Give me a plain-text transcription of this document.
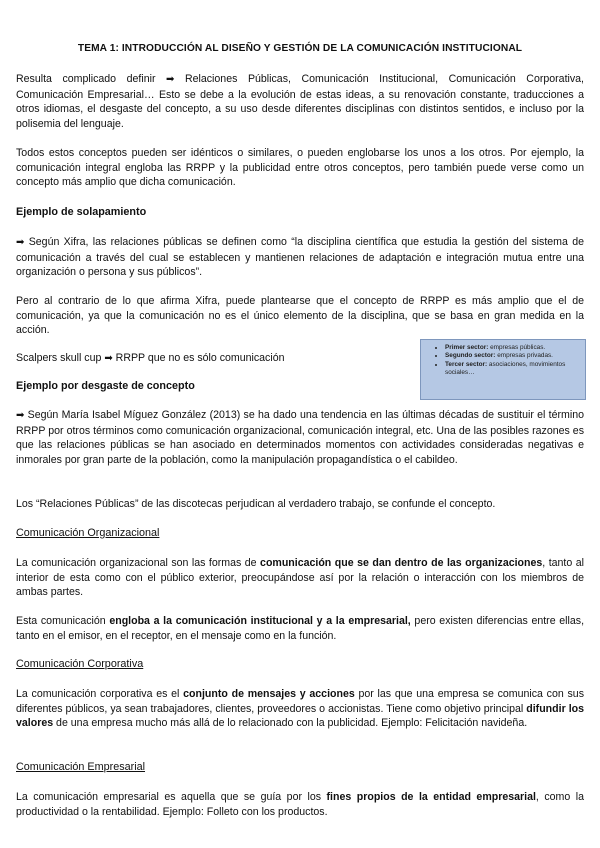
TEMA 1: INTRODUCCIÓN AL DISEÑO Y GESTIÓN DE LA COMUNICACIÓN INSTITUCIONAL

Resulta complicado definir ➡ Relaciones Públicas, Comunicación Institucional, Comunicación Corporativa, Comunicación Empresarial… Esto se debe a la evolución de estas ideas, a su renovación constante, traducciones a otros idiomas, el desgaste del concepto, a su uso desde diferentes disciplinas con distintos sentidos, e incluso por la polisemia del lenguaje.

Todos estos conceptos pueden ser idénticos o similares, o pueden englobarse los unos a los otros. Por ejemplo, la comunicación integral engloba las RRPP y la publicidad entre otros conceptos, pero también puede verse como un concepto más amplio que dicha comunicación.

Ejemplo de solapamiento

➡ Según Xifra, las relaciones públicas se definen como “la disciplina científica que estudia la gestión del sistema de comunicación a través del cual se establecen y mantienen relaciones de adaptación e integración mutua entre una organización o persona y sus públicos”.

Pero al contrario de lo que afirma Xifra, puede plantearse que el concepto de RRPP es más amplio que el de comunicación, ya que la comunicación no es el único elemento de la disciplina, que se basa en gran medida en la acción.

Scalpers skull cup ➡ RRPP que no es sólo comunicación

• Primer sector: empresas públicas.
• Segundo sector: empresas privadas.
• Tercer sector: asociaciones, movimientos sociales…
Ejemplo por desgaste de concepto

➡ Según María Isabel Míguez González (2013) se ha dado una tendencia en las últimas décadas de sustituir el término RRPP por otros términos como comunicación organizacional, comunicación integral, etc. Una de las posibles razones es que las relaciones públicas se han asociado en determinados momentos con actividades consideradas negativas e inmorales por gran parte de la población, como la manipulación propagandística o el cabildeo.

Los “Relaciones Públicas” de las discotecas perjudican al verdadero trabajo, se confunde el concepto.

Comunicación Organizacional

La comunicación organizacional son las formas de comunicación que se dan dentro de las organizaciones, tanto al interior de esta como con el público exterior, preocupándose así por la relación o interacción con los miembros de ambas partes.

Esta comunicación engloba a la comunicación institucional y a la empresarial, pero existen diferencias entre ellas, tanto en el emisor, en el receptor, en el mensaje como en la función.

Comunicación Corporativa

La comunicación corporativa es el conjunto de mensajes y acciones por las que una empresa se comunica con sus diferentes públicos, ya sean trabajadores, clientes, proveedores o accionistas. Tiene como objetivo principal difundir los valores de una empresa mucho más allá de lo relacionado con la publicidad. Ejemplo: Felicitación navideña.

Comunicación Empresarial

La comunicación empresarial es aquella que se guía por los fines propios de la entidad empresarial, como la productividad o la rentabilidad. Ejemplo: Folleto con los productos.
